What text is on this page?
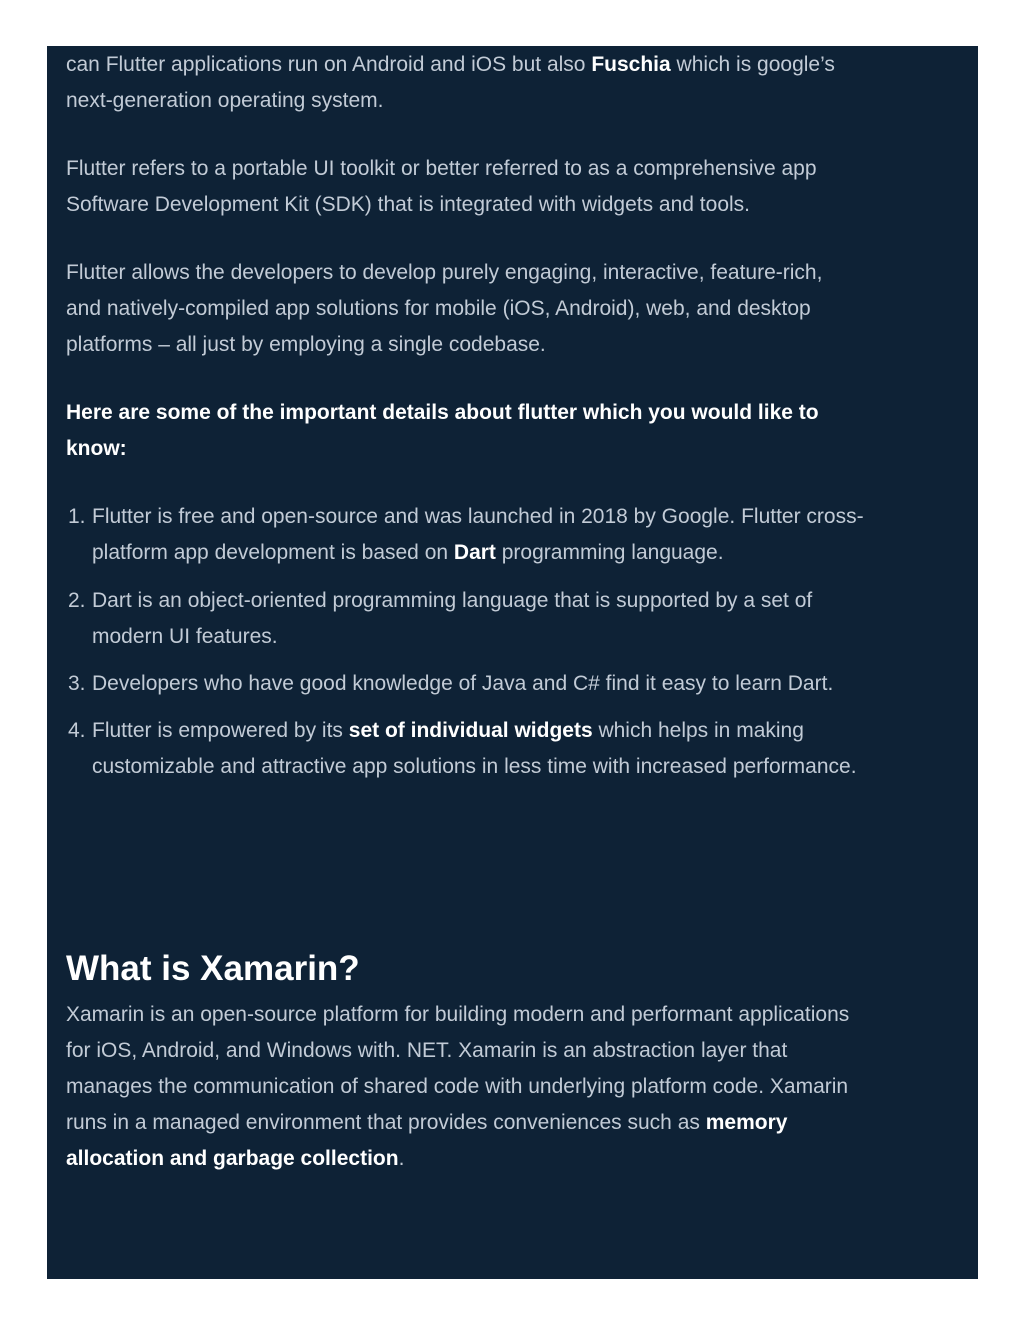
can Flutter applications run on Android and iOS but also Fuschia which is google’s next-generation operating system.

Flutter refers to a portable UI toolkit or better referred to as a comprehensive app Software Development Kit (SDK) that is integrated with widgets and tools.

Flutter allows the developers to develop purely engaging, interactive, feature-rich, and natively-compiled app solutions for mobile (iOS, Android), web, and desktop platforms – all just by employing a single codebase.

Here are some of the important details about flutter which you would like to know:

1. Flutter is free and open-source and was launched in 2018 by Google. Flutter cross-platform app development is based on Dart programming language.
2. Dart is an object-oriented programming language that is supported by a set of modern UI features.
3. Developers who have good knowledge of Java and C# find it easy to learn Dart.
4. Flutter is empowered by its set of individual widgets which helps in making customizable and attractive app solutions in less time with increased performance.
What is Xamarin?

Xamarin is an open-source platform for building modern and performant applications for iOS, Android, and Windows with. NET. Xamarin is an abstraction layer that manages the communication of shared code with underlying platform code. Xamarin runs in a managed environment that provides conveniences such as memory allocation and garbage collection.
